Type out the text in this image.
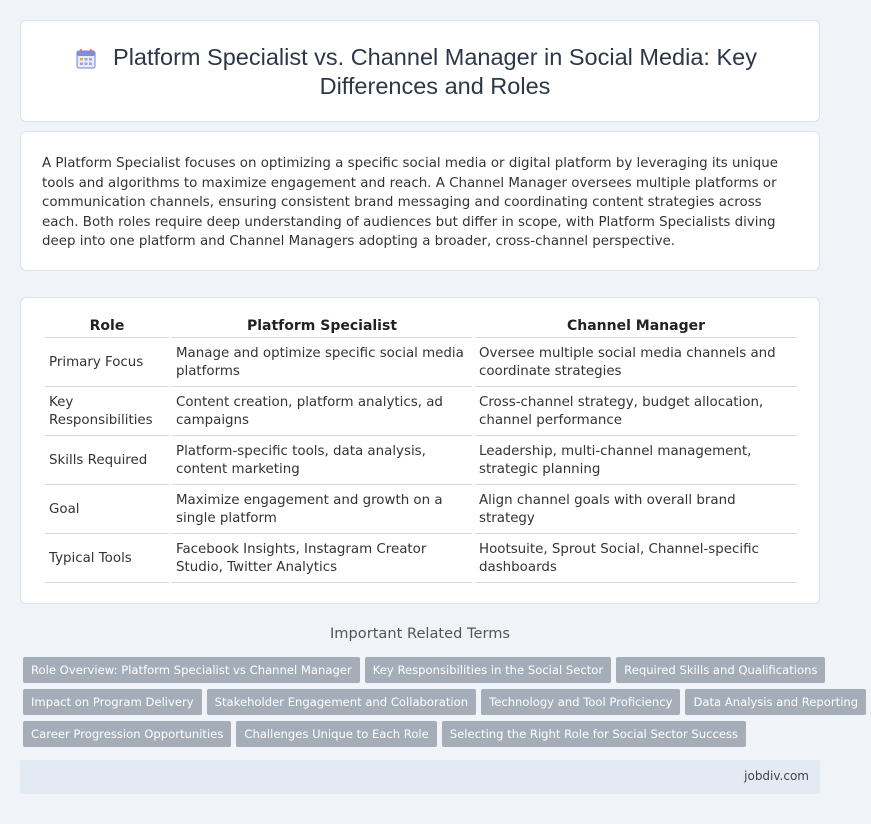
Platform Specialist vs. Channel Manager in Social Media: Key Differences and Roles

A Platform Specialist focuses on optimizing a specific social media or digital platform by leveraging its unique tools and algorithms to maximize engagement and reach. A Channel Manager oversees multiple platforms or communication channels, ensuring consistent brand messaging and coordinating content strategies across each. Both roles require deep understanding of audiences but differ in scope, with Platform Specialists diving deep into one platform and Channel Managers adopting a broader, cross-channel perspective.

Role	Platform Specialist	Channel Manager
Primary Focus	Manage and optimize specific social media platforms	Oversee multiple social media channels and coordinate strategies
Key Responsibilities	Content creation, platform analytics, ad campaigns	Cross-channel strategy, budget allocation, channel performance
Skills Required	Platform-specific tools, data analysis, content marketing	Leadership, multi-channel management, strategic planning
Goal	Maximize engagement and growth on a single platform	Align channel goals with overall brand strategy
Typical Tools	Facebook Insights, Instagram Creator Studio, Twitter Analytics	Hootsuite, Sprout Social, Channel-specific dashboards
Important Related Terms
Role Overview: Platform Specialist vs Channel Manager Key Responsibilities in the Social Sector Required Skills and Qualifications
Impact on Program Delivery Stakeholder Engagement and Collaboration Technology and Tool Proficiency Data Analysis and Reporting
Career Progression Opportunities Challenges Unique to Each Role Selecting the Right Role for Social Sector Success
jobdiv.com
